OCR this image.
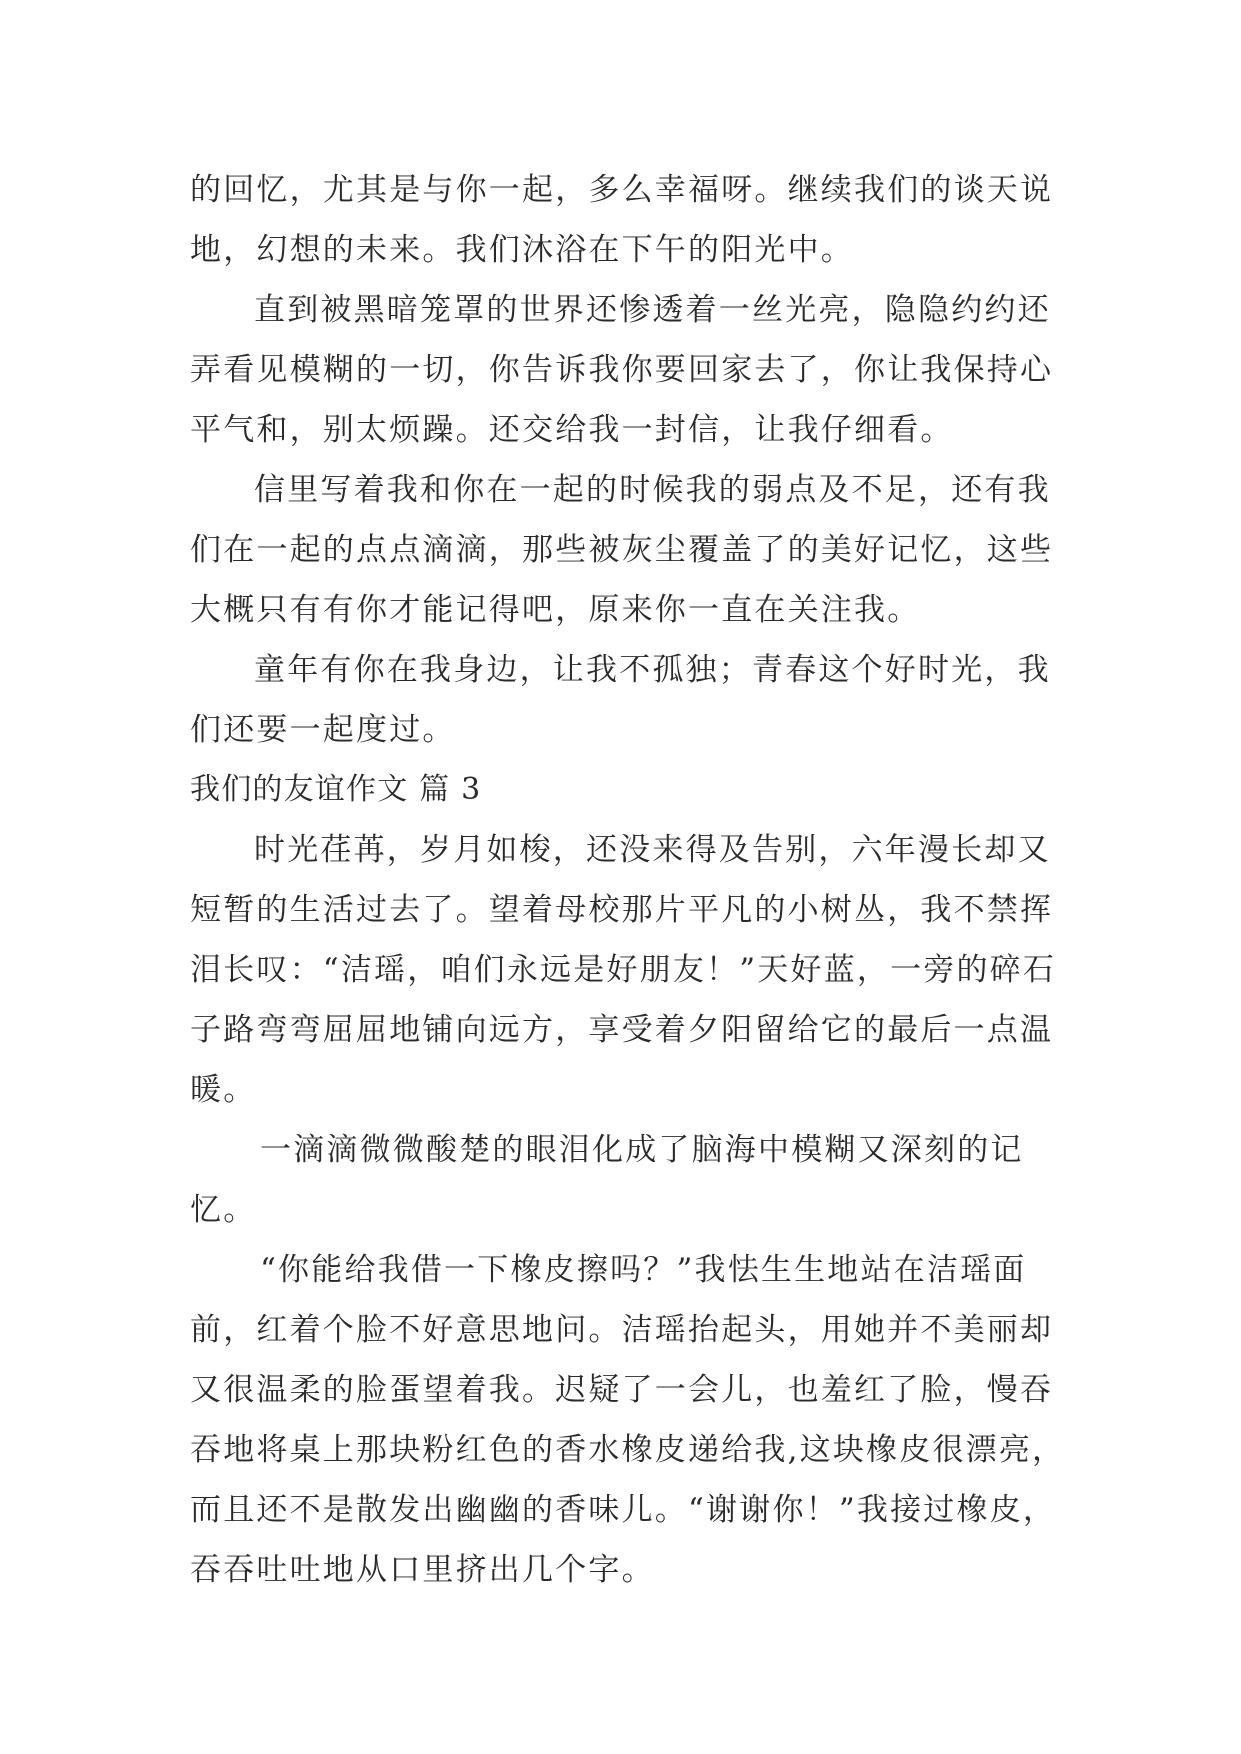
的回忆，尤其是与你一起，多么幸福呀。继续我们的谈天说
地，幻想的未来。我们沐浴在下午的阳光中。
直到被黑暗笼罩的世界还惨透着一丝光亮，隐隐约约还
弄看见模糊的一切，你告诉我你要回家去了，你让我保持心
平气和，别太烦躁。还交给我一封信，让我仔细看。
信里写着我和你在一起的时候我的弱点及不足，还有我
们在一起的点点滴滴，那些被灰尘覆盖了的美好记忆，这些
大概只有有你才能记得吧，原来你一直在关注我。
童年有你在我身边，让我不孤独；青春这个好时光，我
们还要一起度过。
我们的友谊作文 篇 3
时光荏苒，岁月如梭，还没来得及告别，六年漫长却又
短暂的生活过去了。望着母校那片平凡的小树丛，我不禁挥
泪长叹：“洁瑶，咱们永远是好朋友！”天好蓝，一旁的碎石
子路弯弯屈屈地铺向远方，享受着夕阳留给它的最后一点温
暖。
一滴滴微微酸楚的眼泪化成了脑海中模糊又深刻的记
忆。
“你能给我借一下橡皮擦吗？”我怯生生地站在洁瑶面
前，红着个脸不好意思地问。洁瑶抬起头，用她并不美丽却
又很温柔的脸蛋望着我。迟疑了一会儿，也羞红了脸，慢吞
吞地将桌上那块粉红色的香水橡皮递给我,这块橡皮很漂亮，
而且还不是散发出幽幽的香味儿。“谢谢你！”我接过橡皮，
吞吞吐吐地从口里挤出几个字。
